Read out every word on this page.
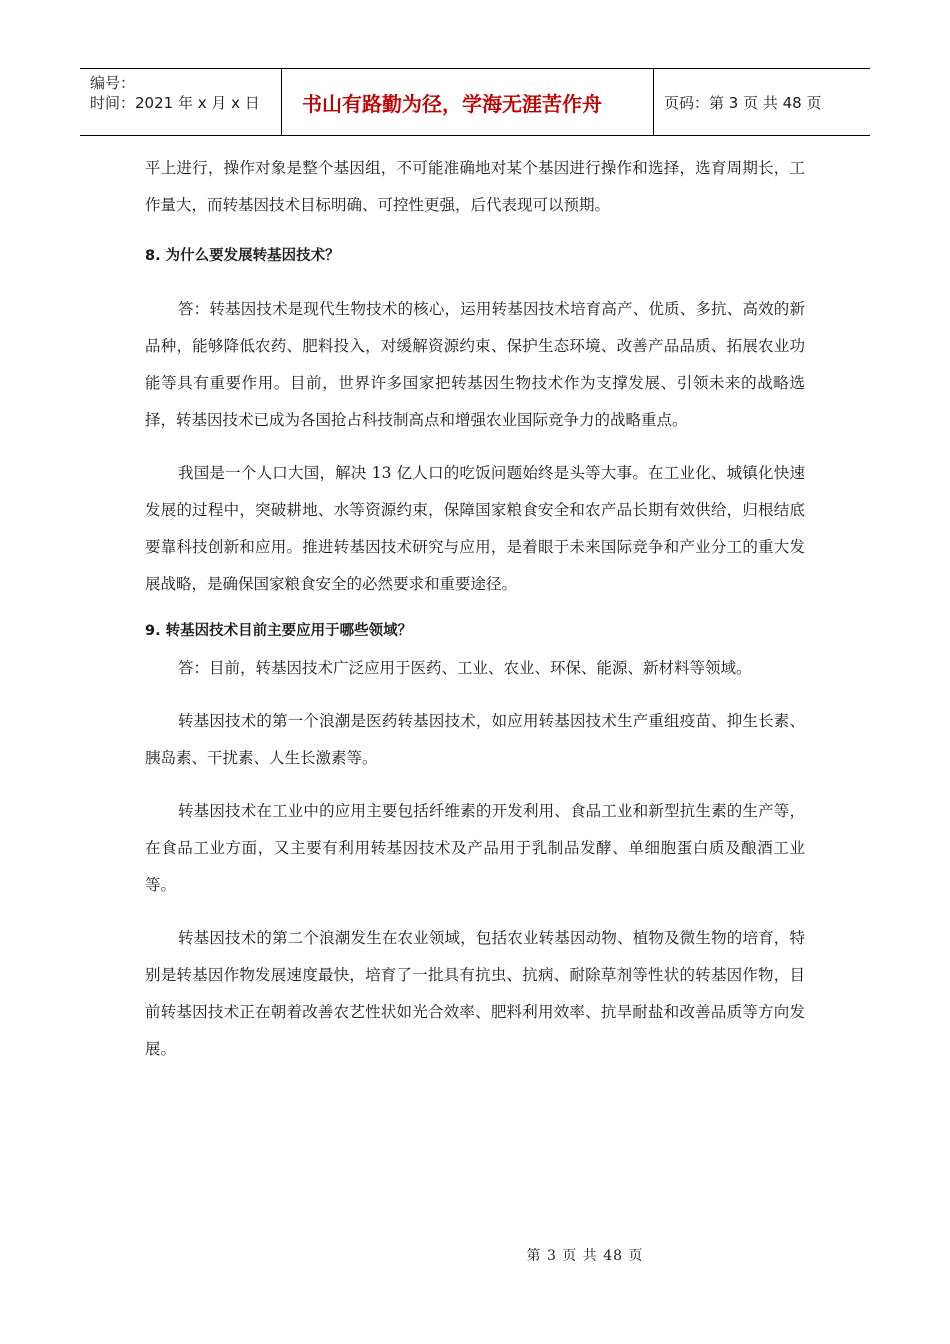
编号：
时间：2021 年 x 月 x 日	书山有路勤为径，学海无涯苦作舟	页码：第 3 页 共 48 页

平上进行，操作对象是整个基因组，不可能准确地对某个基因进行操作和选择，选育周期长，工作量大，而转基因技术目标明确、可控性更强，后代表现可以预期。

8. 为什么要发展转基因技术？

答：转基因技术是现代生物技术的核心，运用转基因技术培育高产、优质、多抗、高效的新品种，能够降低农药、肥料投入，对缓解资源约束、保护生态环境、改善产品品质、拓展农业功能等具有重要作用。目前，世界许多国家把转基因生物技术作为支撑发展、引领未来的战略选择，转基因技术已成为各国抢占科技制高点和增强农业国际竞争力的战略重点。

我国是一个人口大国，解决 13 亿人口的吃饭问题始终是头等大事。在工业化、城镇化快速发展的过程中，突破耕地、水等资源约束，保障国家粮食安全和农产品长期有效供给，归根结底要靠科技创新和应用。推进转基因技术研究与应用，是着眼于未来国际竞争和产业分工的重大发展战略，是确保国家粮食安全的必然要求和重要途径。

9. 转基因技术目前主要应用于哪些领域？

答：目前，转基因技术广泛应用于医药、工业、农业、环保、能源、新材料等领域。

转基因技术的第一个浪潮是医药转基因技术，如应用转基因技术生产重组疫苗、抑生长素、胰岛素、干扰素、人生长激素等。

转基因技术在工业中的应用主要包括纤维素的开发利用、食品工业和新型抗生素的生产等，在食品工业方面，又主要有利用转基因技术及产品用于乳制品发酵、单细胞蛋白质及酿酒工业等。

转基因技术的第二个浪潮发生在农业领域，包括农业转基因动物、植物及微生物的培育，特别是转基因作物发展速度最快，培育了一批具有抗虫、抗病、耐除草剂等性状的转基因作物，目前转基因技术正在朝着改善农艺性状如光合效率、肥料利用效率、抗旱耐盐和改善品质等方向发展。

第 3 页 共 48 页
